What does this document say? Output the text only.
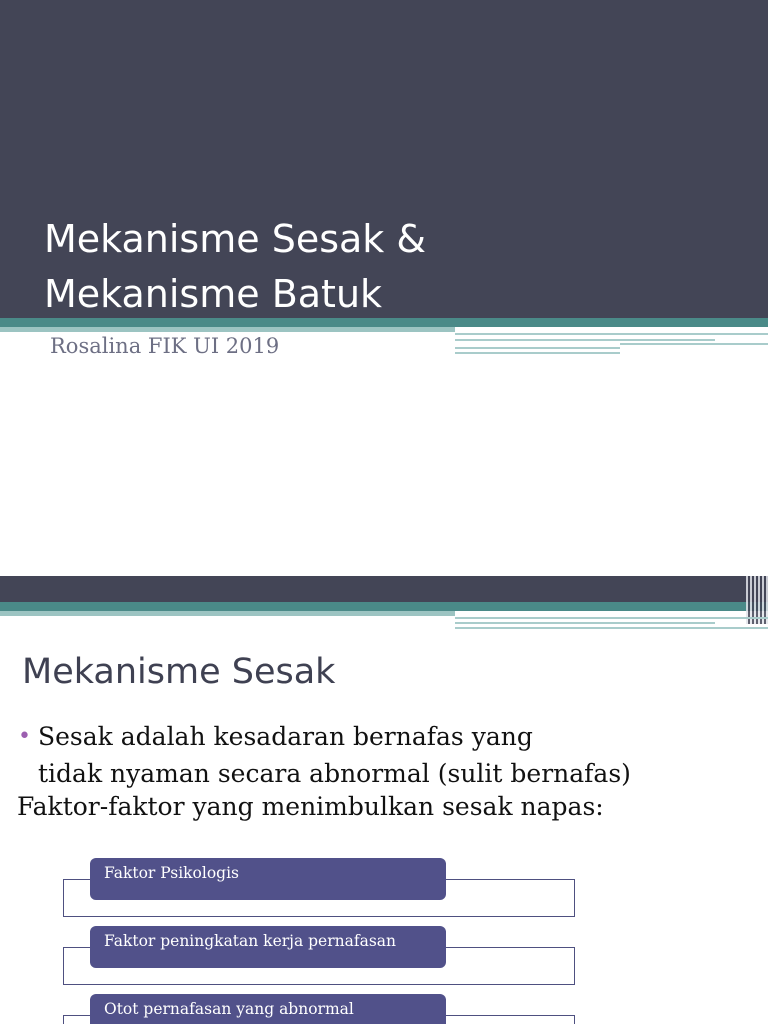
Mekanisme Sesak &
Mekanisme Batuk
Rosalina FIK UI 2019
Mekanisme Sesak
• Sesak adalah kesadaran bernafas yang
tidak nyaman secara abnormal (sulit bernafas)
Faktor-faktor yang menimbulkan sesak napas:
Faktor Psikologis
Faktor peningkatan kerja pernafasan
Otot pernafasan yang abnormal
